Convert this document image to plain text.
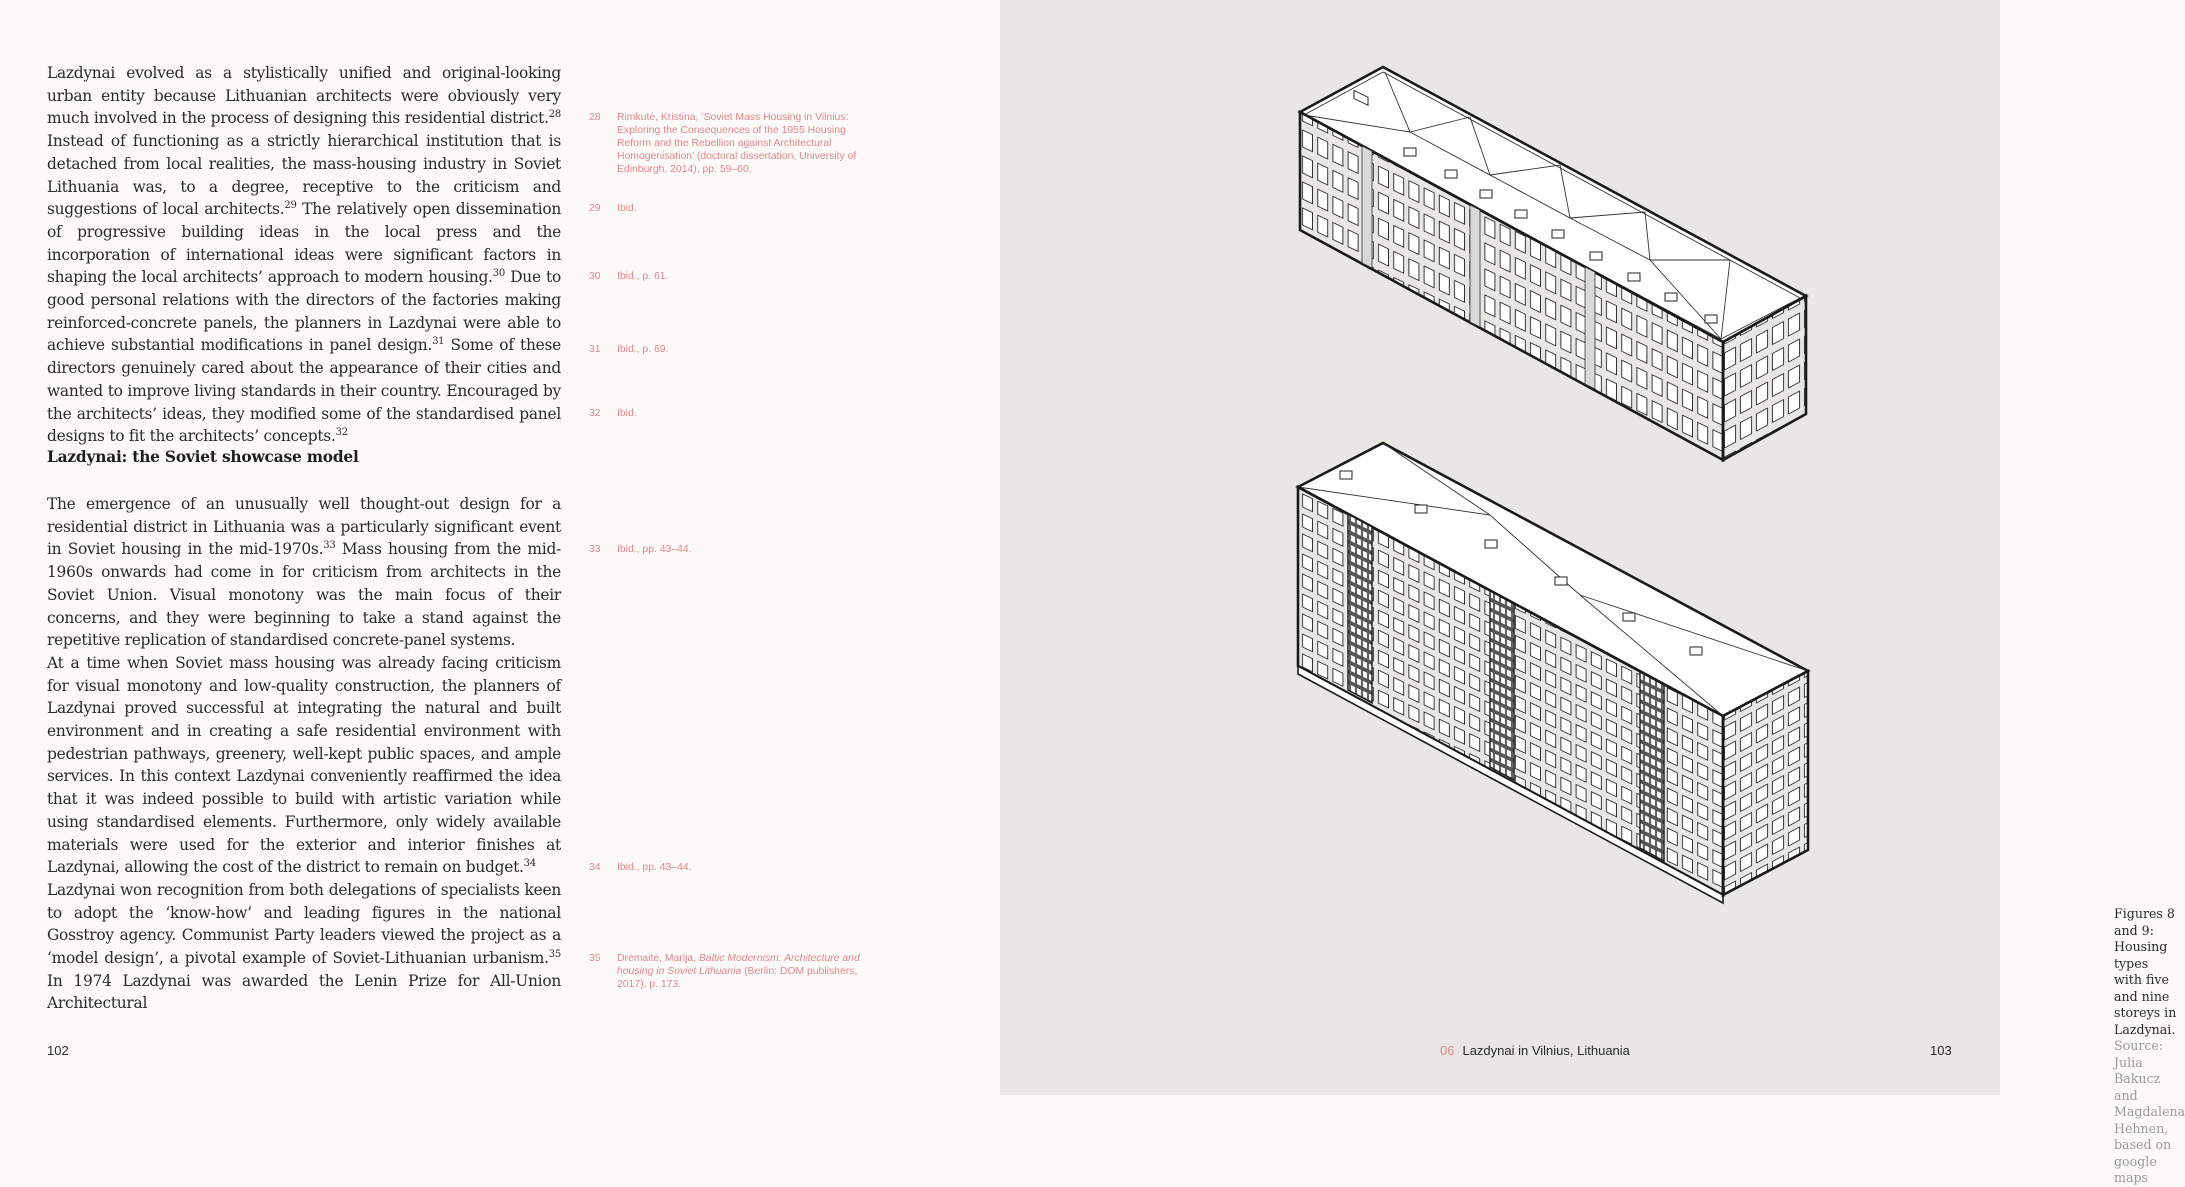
Lazdynai evolved as a stylistically unified and original-looking urban entity because Lithuanian architects were obviously very much involved in the process of designing this residential district.$^{28}$ Instead of functioning as a strictly hierarchical institution that is detached from local realities, the mass-housing industry in Soviet Lithuania was, to a degree, receptive to the criticism and suggestions of local architects.$^{29}$ The relatively open dissemination of progressive building ideas in the local press and the incorporation of international ideas were significant factors in shaping the local architects’ approach to modern housing.$^{30}$ Due to good personal relations with the directors of the factories making reinforced-concrete panels, the planners in Lazdynai were able to achieve substantial modifications in panel design.$^{31}$ Some of these directors genuinely cared about the appearance of their cities and wanted to improve living standards in their country. Encouraged by the architects’ ideas, they modified some of the standardised panel designs to fit the architects’ concepts.$^{32}$

Lazdynai: the Soviet showcase model

The emergence of an unusually well thought-out design for a residential district in Lithuania was a particularly significant event in Soviet housing in the mid-1970s.$^{33}$ Mass housing from the mid-1960s onwards had come in for criticism from architects in the Soviet Union. Visual monotony was the main focus of their concerns, and they were beginning to take a stand against the repetitive replication of standardised concrete-panel systems.

At a time when Soviet mass housing was already facing criticism for visual monotony and low-quality construction, the planners of Lazdynai proved successful at integrating the natural and built environment and in creating a safe residential environment with pedestrian pathways, greenery, well-kept public spaces, and ample services. In this context Lazdynai conveniently reaffirmed the idea that it was indeed possible to build with artistic variation while using standardised elements. Furthermore, only widely available materials were used for the exterior and interior finishes at Lazdynai, allowing the cost of the district to remain on budget.$^{34}$

Lazdynai won recognition from both delegations of specialists keen to adopt the ‘know-how’ and leading figures in the national Gosstroy agency. Communist Party leaders viewed the project as a ‘model design’, a pivotal example of Soviet-Lithuanian urbanism.$^{35}$ In 1974 Lazdynai was awarded the Lenin Prize for All-Union Architectural

28	Rimkutė, Kristina, ‘Soviet Mass Housing in Vilnius: Exploring the Consequences of the 1955 Housing Reform and the Rebellion against Architectural Homogenisation’ (doctoral dissertation, University of Edinburgh, 2014), pp. 59–60.
29	Ibid.
30	Ibid., p. 61.
31	Ibid., p. 69.
32	Ibid.
33	Ibid., pp. 43–44.
34	Ibid., pp. 43–44.
35	Drėmaitė, Marija, Baltic Modernism: Architecture and housing in Soviet Lithuania (Berlin: DOM publishers, 2017), p. 173.
102
Figures 8 and 9:
Housing types
with five and nine storeys in Lazdynai.
Source: Julia Bakucz and Magdalena Hehnen,
based on google maps
06 Lazdynai in Vilnius, Lithuania	103
